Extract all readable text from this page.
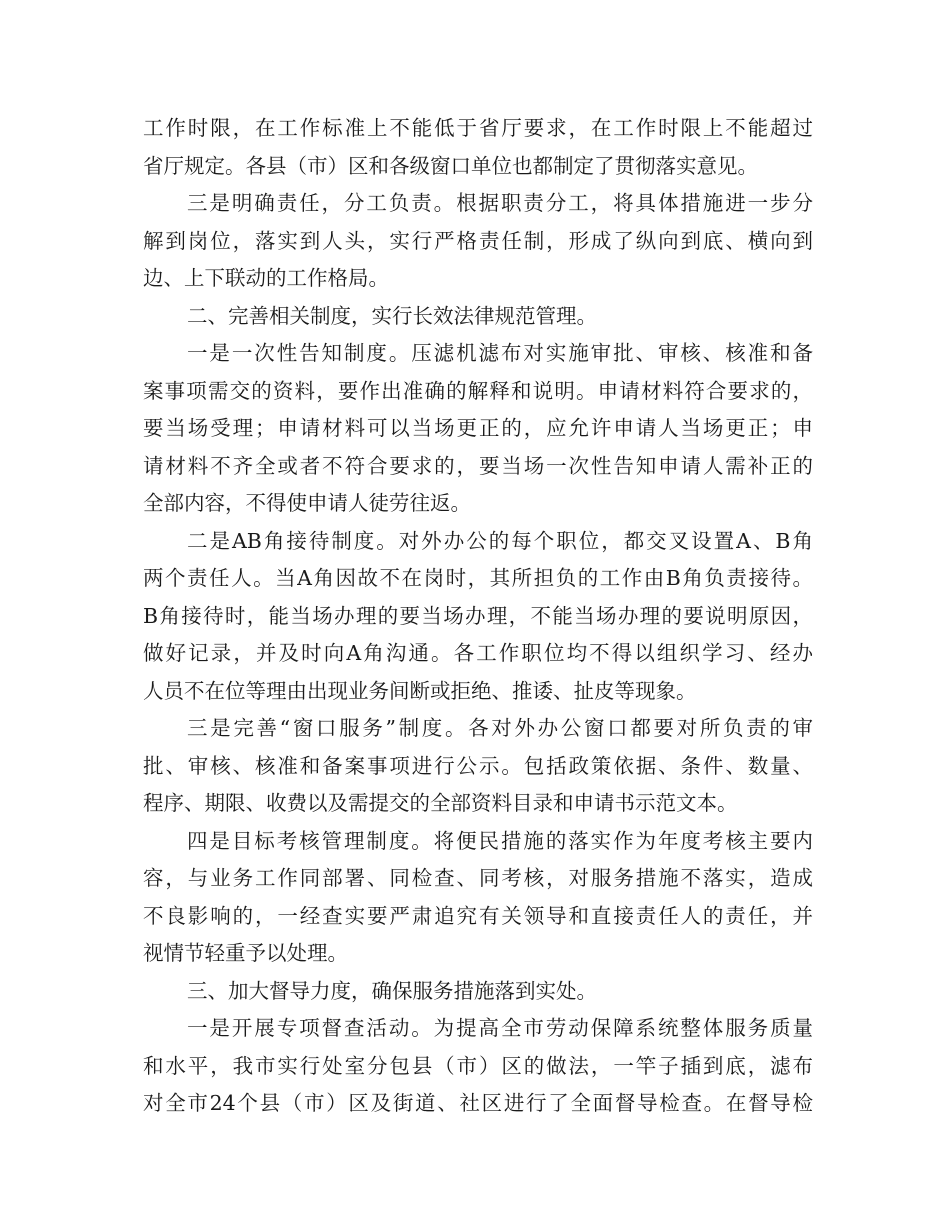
工作时限，在工作标准上不能低于省厅要求，在工作时限上不能超过
省厅规定。各县（市）区和各级窗口单位也都制定了贯彻落实意见。
三是明确责任，分工负责。根据职责分工，将具体措施进一步分
解到岗位，落实到人头，实行严格责任制，形成了纵向到底、横向到
边、上下联动的工作格局。
二、完善相关制度，实行长效法律规范管理。
一是一次性告知制度。压滤机滤布对实施审批、审核、核准和备
案事项需交的资料，要作出准确的解释和说明。申请材料符合要求的，
要当场受理；申请材料可以当场更正的，应允许申请人当场更正；申
请材料不齐全或者不符合要求的，要当场一次性告知申请人需补正的
全部内容，不得使申请人徒劳往返。
二是AB角接待制度。对外办公的每个职位，都交叉设置A、B角
两个责任人。当A角因故不在岗时，其所担负的工作由B角负责接待。
B角接待时，能当场办理的要当场办理，不能当场办理的要说明原因，
做好记录，并及时向A角沟通。各工作职位均不得以组织学习、经办
人员不在位等理由出现业务间断或拒绝、推诿、扯皮等现象。
三是完善“窗口服务”制度。各对外办公窗口都要对所负责的审
批、审核、核准和备案事项进行公示。包括政策依据、条件、数量、
程序、期限、收费以及需提交的全部资料目录和申请书示范文本。
四是目标考核管理制度。将便民措施的落实作为年度考核主要内
容，与业务工作同部署、同检查、同考核，对服务措施不落实，造成
不良影响的，一经查实要严肃追究有关领导和直接责任人的责任，并
视情节轻重予以处理。
三、加大督导力度，确保服务措施落到实处。
一是开展专项督查活动。为提高全市劳动保障系统整体服务质量
和水平，我市实行处室分包县（市）区的做法，一竿子插到底，滤布
对全市24个县（市）区及街道、社区进行了全面督导检查。在督导检
